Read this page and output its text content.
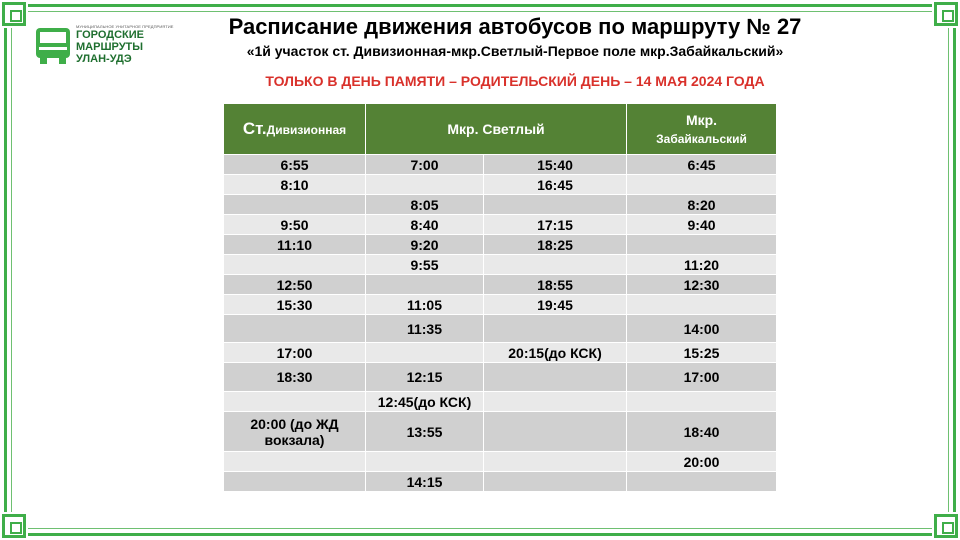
МУНИЦИПАЛЬНОЕ УНИТАРНОЕ ПРЕДПРИЯТИЕ
ГОРОДСКИЕ
МАРШРУТЫ
УЛАН-УДЭ
Расписание движения автобусов по маршруту № 27
«1й участок ст. Дивизионная-мкр.Светлый-Первое поле мкр.Забайкальский»
ТОЛЬКО В ДЕНЬ ПАМЯТИ – РОДИТЕЛЬСКИЙ ДЕНЬ – 14 МАЯ 2024 ГОДА
Ст.Дивизионная	Мкр. Светлый		Мкр.
Забайкальский

6:55	7:00	15:40	6:45
8:10		16:45	
	8:05		8:20
9:50	8:40	17:15	9:40
11:10	9:20	18:25	
	9:55		11:20
12:50		18:55	12:30
15:30	11:05	19:45	
	11:35		14:00
17:00		20:15(до КСК)	15:25
18:30	12:15		17:00
	12:45(до КСК)		
20:00 (до ЖД вокзала)	13:55		18:40
			20:00
	14:15		
